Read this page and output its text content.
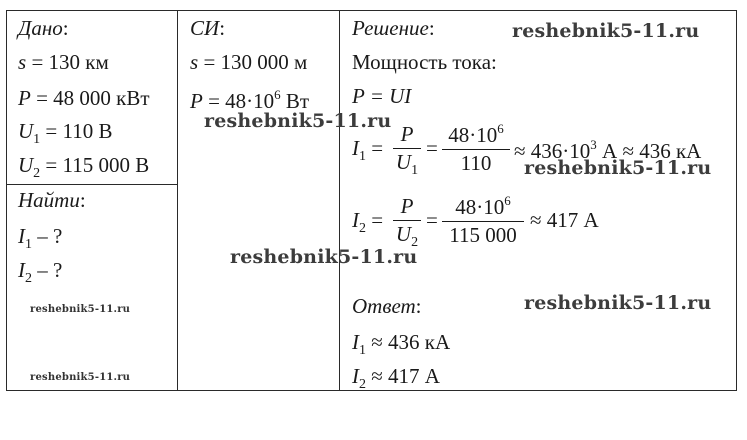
Дано:
s = 130 км
P = 48 000 кВт
$U_1 = 110$ В
$U_2 = 115$ 000 В
Найти:
$I_1$ – ?
$I_2$ – ?
СИ:
s = 130 000 м
$P = 48\cdot 10^6$ Вт
Решение:
Мощность тока:
P = UI
$I_1$ =
P
$U_1$
=
$48\cdot 10^6$
110	≈ $436\cdot 10^3$ А ≈ 436 кА
$I_2$ =
P
$U_2$
=
$48\cdot 10^6$
115 000
≈ 417 А
Ответ:
$I_1 \approx 436$ кА
$I_2 \approx 417$ А
reshebnik5-11.ru
reshebnik5-11.ru
reshebnik5-11.ru
reshebnik5-11.ru
reshebnik5-11.ru
reshebnik5-11.ru
reshebnik5-11.ru
